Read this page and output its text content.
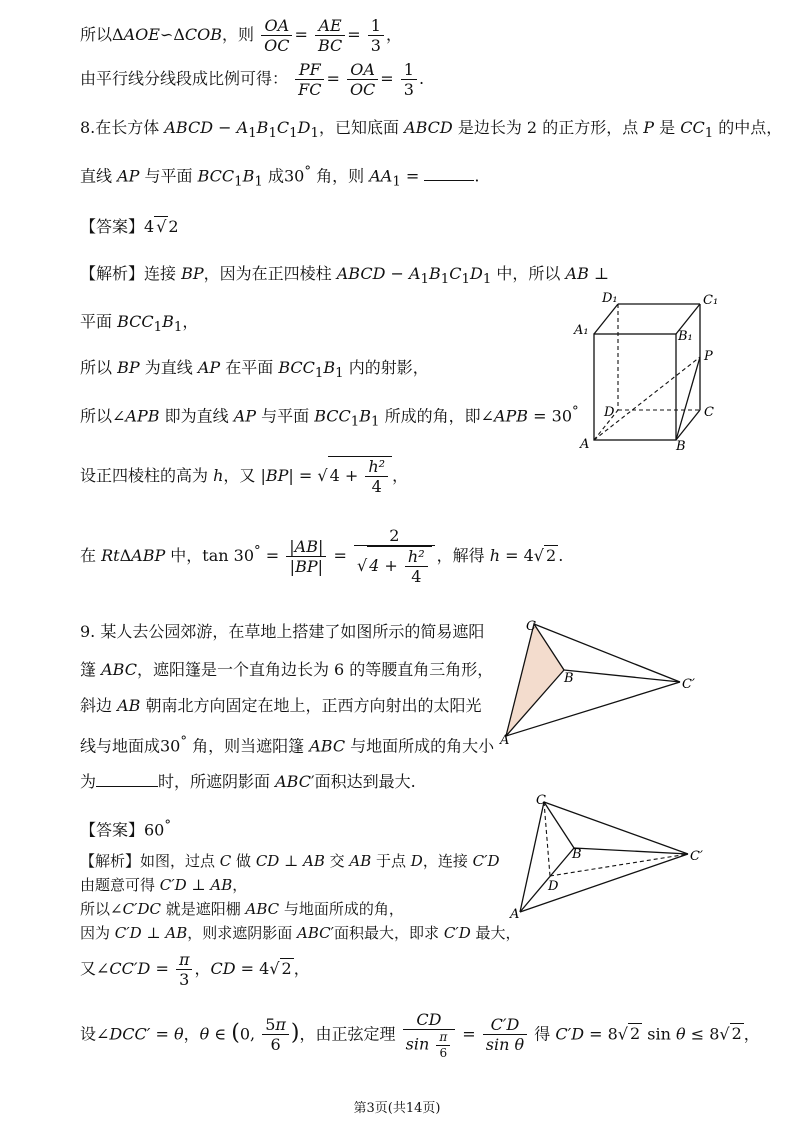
所以ΔAOE∽ΔCOB，则 $\frac{OA}{OC} = \frac{AE}{BC} = \frac{1}{3}$ ，
由平行线分线段成比例可得： $\frac{PF}{FC} = \frac{OA}{OC} = \frac{1}{3}$ .
8.在长方体 ABCD − $A_1B_1C_1D_1$，已知底面 ABCD 是边长为 2 的正方形，点 P 是 $CC_1$ 的中点，
直线 AP 与平面 $BCC_1B_1$ 成30° 角，则 $AA_1$ =	.
【答案】4 √ 2
【解析】连接 BP，因为在正四棱柱 ABCD − $A_1B_1C_1D_1$ 中，所以 AB ⊥
平面 $BCC_1B_1$，
所以 BP 为直线 AP 在平面 $BCC_1B_1$ 内的射影，
所以∠APB 即为直线 AP 与平面 $BCC_1B_1$ 所成的角，即∠APB = 30°
设正四棱柱的高为 h，又 |BP| = √ $4 + \frac{\text{h²}}{4}$ ，
在 RtΔABP 中，$\tan 30^\circ = \frac{|AB|}{|BP|} = \frac{2}{√ 4 + \frac{\text{h²}}{4}}$ ，解得 h = 4√ 2 .
D₁	C₁
A₁	B₁
P
D	C
A	B
9. 某人去公园郊游，在草地上搭建了如图所示的简易遮阳
篷 ABC，遮阳篷是一个直角边长为 6 的等腰直角三角形，
斜边 AB 朝南北方向固定在地上，正西方向射出的太阳光
线与地面成30° 角，则当遮阳篷 ABC 与地面所成的角大小
为	时，所遮阴影面 ABC′面积达到最大.
C
B	C′
A
【答案】60°
【解析】如图，过点 C 做 CD ⊥ AB 交 AB 于点 D，连接 C′D
由题意可得 C′D ⊥ AB，
所以∠C′DC 就是遮阳棚 ABC 与地面所成的角，
因为 C′D ⊥ AB，则求遮阴影面 ABC′面积最大，即求 C′D 最大，
又∠CC′D = $\frac{\pi}{3}$ ，CD = 4√ 2 ，
设∠DCC′ = θ，θ ∈ (0, $\frac{5\pi}{6}$ )，由正弦定理 $\frac{CD}{\sin \frac{\pi}{6}} = \frac{C'D}{\text{sin θ}}$ 得 C′D = 8√ 2 sin θ ≤ 8√ 2 ，
C
B	C′
D
A
第3页(共14页)
